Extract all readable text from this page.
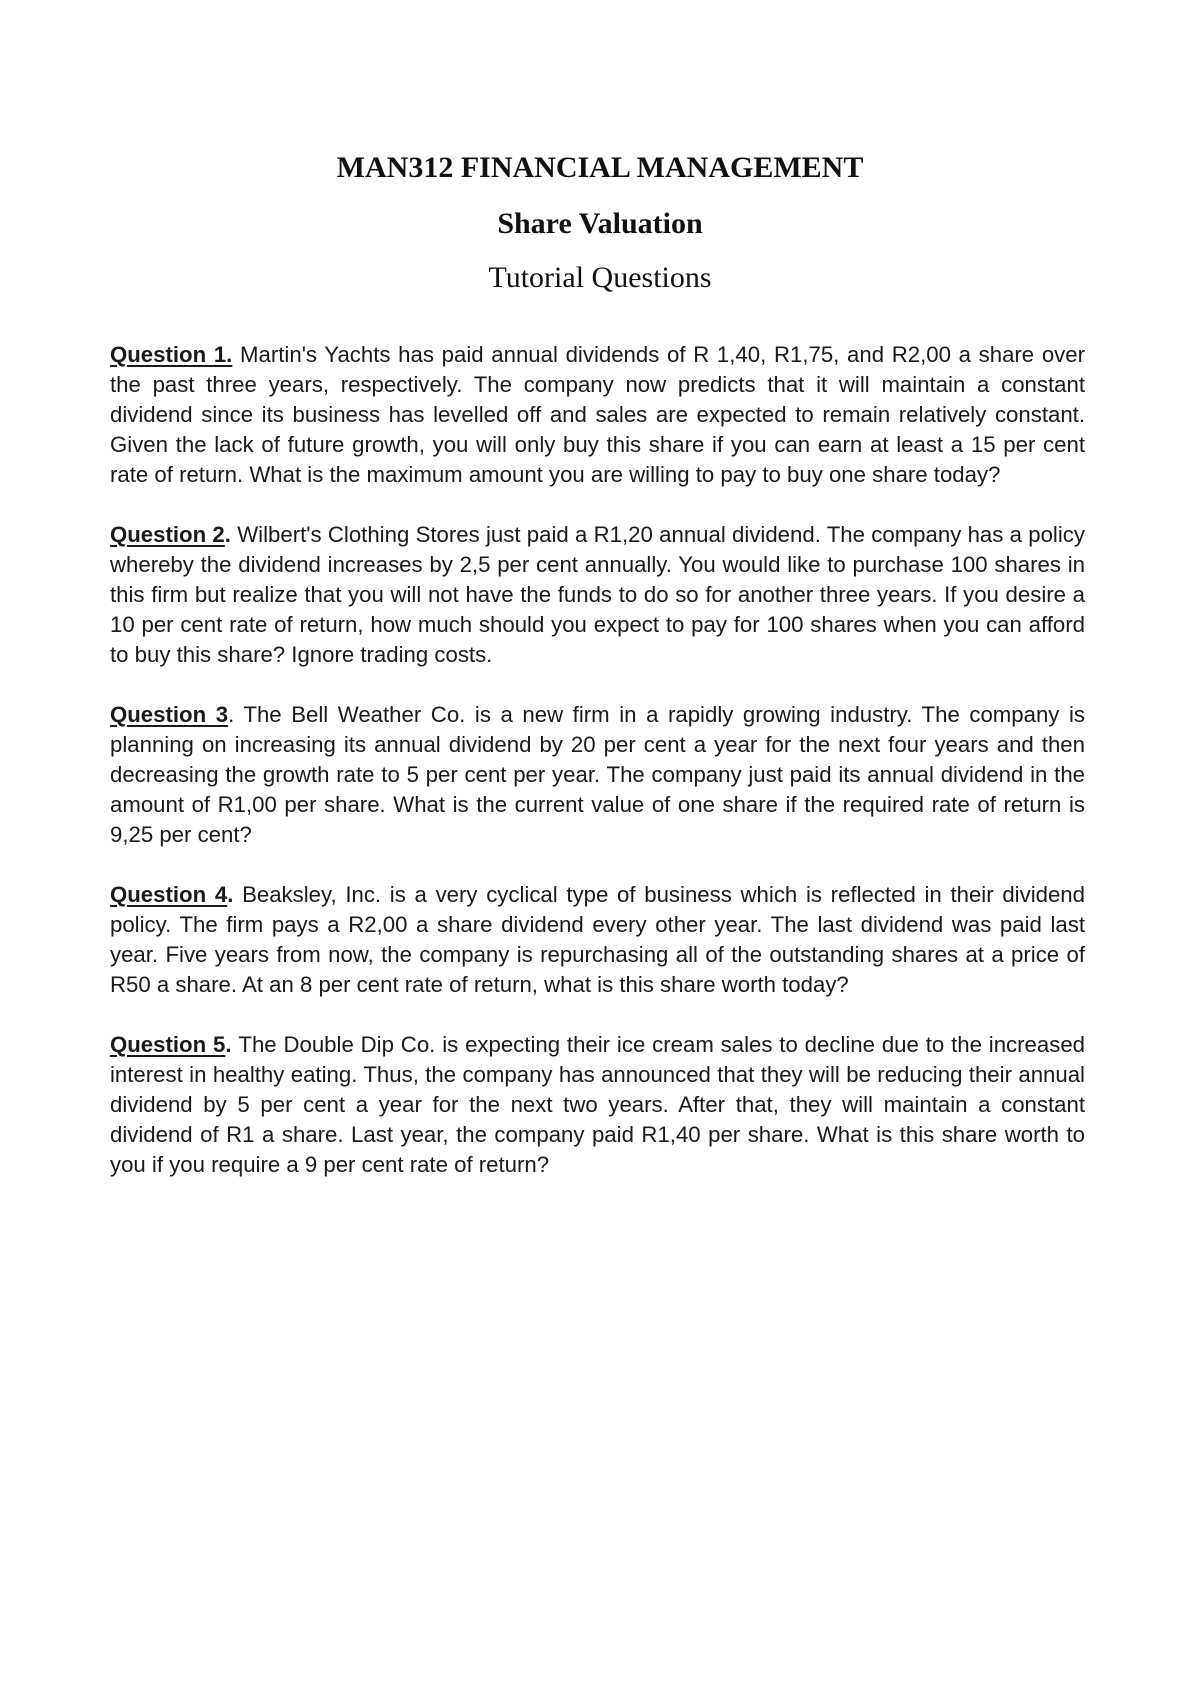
MAN312 FINANCIAL MANAGEMENT
Share Valuation
Tutorial Questions

Question 1. Martin's Yachts has paid annual dividends of R 1,40, R1,75, and R2,00 a share over the past three years, respectively. The company now predicts that it will maintain a constant dividend since its business has levelled off and sales are expected to remain relatively constant. Given the lack of future growth, you will only buy this share if you can earn at least a 15 per cent rate of return. What is the maximum amount you are willing to pay to buy one share today?

Question 2. Wilbert's Clothing Stores just paid a R1,20 annual dividend. The company has a policy whereby the dividend increases by 2,5 per cent annually. You would like to purchase 100 shares in this firm but realize that you will not have the funds to do so for another three years. If you desire a 10 per cent rate of return, how much should you expect to pay for 100 shares when you can afford to buy this share? Ignore trading costs.

Question 3. The Bell Weather Co. is a new firm in a rapidly growing industry. The company is planning on increasing its annual dividend by 20 per cent a year for the next four years and then decreasing the growth rate to 5 per cent per year. The company just paid its annual dividend in the amount of R1,00 per share. What is the current value of one share if the required rate of return is 9,25 per cent?

Question 4. Beaksley, Inc. is a very cyclical type of business which is reflected in their dividend policy. The firm pays a R2,00 a share dividend every other year. The last dividend was paid last year. Five years from now, the company is repurchasing all of the outstanding shares at a price of R50 a share. At an 8 per cent rate of return, what is this share worth today?

Question 5. The Double Dip Co. is expecting their ice cream sales to decline due to the increased interest in healthy eating. Thus, the company has announced that they will be reducing their annual dividend by 5 per cent a year for the next two years. After that, they will maintain a constant dividend of R1 a share. Last year, the company paid R1,40 per share. What is this share worth to you if you require a 9 per cent rate of return?
